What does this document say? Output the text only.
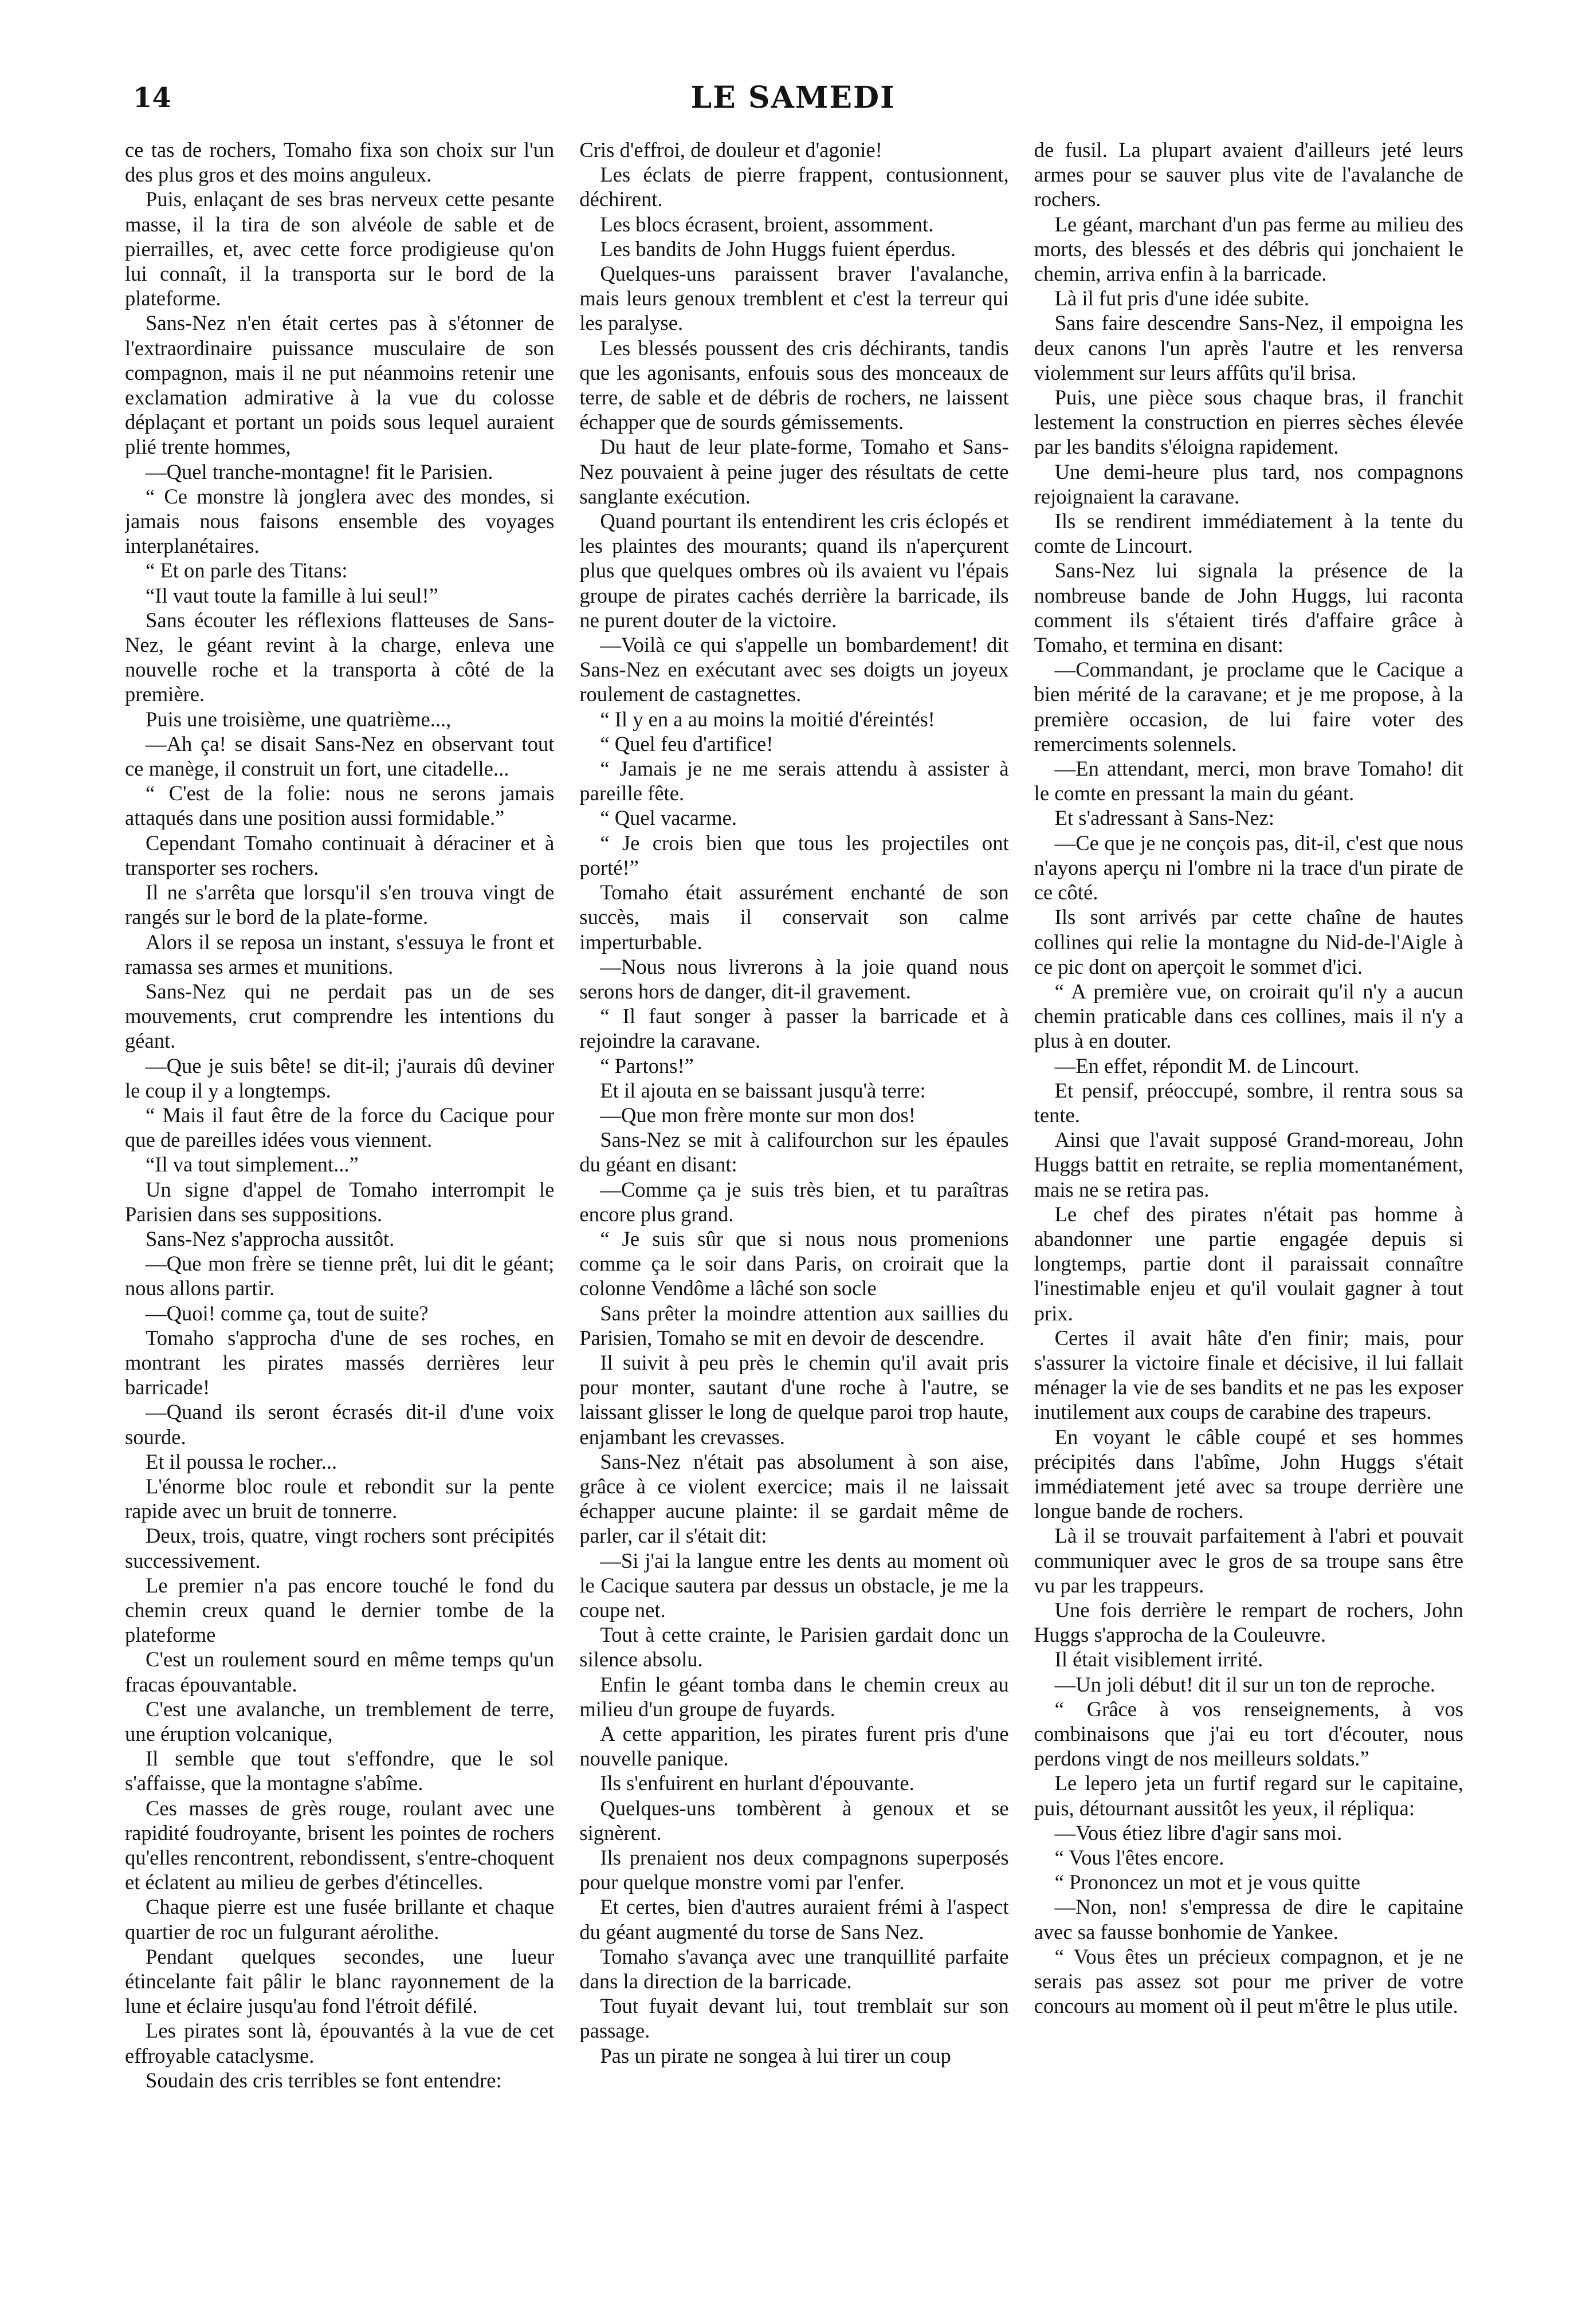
14	LE SAMEDI

ce tas de rochers, Tomaho fixa son choix sur l'un des plus gros et des moins anguleux.

Puis, enlaçant de ses bras nerveux cette pesante masse, il la tira de son alvéole de sable et de pierrailles, et, avec cette force prodigieuse qu'on lui connaît, il la transporta sur le bord de la plateforme.

Sans-Nez n'en était certes pas à s'étonner de l'extraordinaire puissance musculaire de son compagnon, mais il ne put néanmoins retenir une exclamation admirative à la vue du colosse déplaçant et portant un poids sous lequel auraient plié trente hommes,

—Quel tranche-montagne! fit le Parisien.

“ Ce monstre là jonglera avec des mondes, si jamais nous faisons ensemble des voyages interplanétaires.

“ Et on parle des Titans:

“Il vaut toute la famille à lui seul!”

Sans écouter les réflexions flatteuses de Sans-Nez, le géant revint à la charge, enleva une nouvelle roche et la transporta à côté de la première.

Puis une troisième, une quatrième...,

—Ah ça! se disait Sans-Nez en observant tout ce manège, il construit un fort, une citadelle...

“ C'est de la folie: nous ne serons jamais attaqués dans une position aussi formidable.”

Cependant Tomaho continuait à déraciner et à transporter ses rochers.

Il ne s'arrêta que lorsqu'il s'en trouva vingt de rangés sur le bord de la plate-forme.

Alors il se reposa un instant, s'essuya le front et ramassa ses armes et munitions.

Sans-Nez qui ne perdait pas un de ses mouvements, crut comprendre les intentions du géant.

—Que je suis bête! se dit-il; j'aurais dû deviner le coup il y a longtemps.

“ Mais il faut être de la force du Cacique pour que de pareilles idées vous viennent.

“Il va tout simplement...”

Un signe d'appel de Tomaho interrompit le Parisien dans ses suppositions.

Sans-Nez s'approcha aussitôt.

—Que mon frère se tienne prêt, lui dit le géant; nous allons partir.

—Quoi! comme ça, tout de suite?

Tomaho s'approcha d'une de ses roches, en montrant les pirates massés derrières leur barricade!

—Quand ils seront écrasés dit-il d'une voix sourde.

Et il poussa le rocher...

L'énorme bloc roule et rebondit sur la pente rapide avec un bruit de tonnerre.

Deux, trois, quatre, vingt rochers sont précipités successivement.

Le premier n'a pas encore touché le fond du chemin creux quand le dernier tombe de la plateforme

C'est un roulement sourd en même temps qu'un fracas épouvantable.

C'est une avalanche, un tremblement de terre, une éruption volcanique,

Il semble que tout s'effondre, que le sol s'affaisse, que la montagne s'abîme.

Ces masses de grès rouge, roulant avec une rapidité foudroyante, brisent les pointes de rochers qu'elles rencontrent, rebondissent, s'entre-choquent et éclatent au milieu de gerbes d'étincelles.

Chaque pierre est une fusée brillante et chaque quartier de roc un fulgurant aérolithe.

Pendant quelques secondes, une lueur étincelante fait pâlir le blanc rayonnement de la lune et éclaire jusqu'au fond l'étroit défilé.

Les pirates sont là, épouvantés à la vue de cet effroyable cataclysme.

Soudain des cris terribles se font entendre:

Cris d'effroi, de douleur et d'agonie!

Les éclats de pierre frappent, contusionnent, déchirent.

Les blocs écrasent, broient, assomment.

Les bandits de John Huggs fuient éperdus.

Quelques-uns paraissent braver l'avalanche, mais leurs genoux tremblent et c'est la terreur qui les paralyse.

Les blessés poussent des cris déchirants, tandis que les agonisants, enfouis sous des monceaux de terre, de sable et de débris de rochers, ne laissent échapper que de sourds gémissements.

Du haut de leur plate-forme, Tomaho et Sans-Nez pouvaient à peine juger des résultats de cette sanglante exécution.

Quand pourtant ils entendirent les cris éclopés et les plaintes des mourants; quand ils n'aperçurent plus que quelques ombres où ils avaient vu l'épais groupe de pirates cachés derrière la barricade, ils ne purent douter de la victoire.

—Voilà ce qui s'appelle un bombardement! dit Sans-Nez en exécutant avec ses doigts un joyeux roulement de castagnettes.

“ Il y en a au moins la moitié d'éreintés!

“ Quel feu d'artifice!

“ Jamais je ne me serais attendu à assister à pareille fête.

“ Quel vacarme.

“ Je crois bien que tous les projectiles ont porté!”

Tomaho était assurément enchanté de son succès, mais il conservait son calme imperturbable.

—Nous nous livrerons à la joie quand nous serons hors de danger, dit-il gravement.

“ Il faut songer à passer la barricade et à rejoindre la caravane.

“ Partons!”

Et il ajouta en se baissant jusqu'à terre:

—Que mon frère monte sur mon dos!

Sans-Nez se mit à califourchon sur les épaules du géant en disant:

—Comme ça je suis très bien, et tu paraîtras encore plus grand.

“ Je suis sûr que si nous nous promenions comme ça le soir dans Paris, on croirait que la colonne Vendôme a lâché son socle

Sans prêter la moindre attention aux saillies du Parisien, Tomaho se mit en devoir de descendre.

Il suivit à peu près le chemin qu'il avait pris pour monter, sautant d'une roche à l'autre, se laissant glisser le long de quelque paroi trop haute, enjambant les crevasses.

Sans-Nez n'était pas absolument à son aise, grâce à ce violent exercice; mais il ne laissait échapper aucune plainte: il se gardait même de parler, car il s'était dit:

—Si j'ai la langue entre les dents au moment où le Cacique sautera par dessus un obstacle, je me la coupe net.

Tout à cette crainte, le Parisien gardait donc un silence absolu.

Enfin le géant tomba dans le chemin creux au milieu d'un groupe de fuyards.

A cette apparition, les pirates furent pris d'une nouvelle panique.

Ils s'enfuirent en hurlant d'épouvante.

Quelques-uns tombèrent à genoux et se signèrent.

Ils prenaient nos deux compagnons superposés pour quelque monstre vomi par l'enfer.

Et certes, bien d'autres auraient frémi à l'aspect du géant augmenté du torse de Sans Nez.

Tomaho s'avança avec une tranquillité parfaite dans la direction de la barricade.

Tout fuyait devant lui, tout tremblait sur son passage.

Pas un pirate ne songea à lui tirer un coup

de fusil. La plupart avaient d'ailleurs jeté leurs armes pour se sauver plus vite de l'avalanche de rochers.

Le géant, marchant d'un pas ferme au milieu des morts, des blessés et des débris qui jonchaient le chemin, arriva enfin à la barricade.

Là il fut pris d'une idée subite.

Sans faire descendre Sans-Nez, il empoigna les deux canons l'un après l'autre et les renversa violemment sur leurs affûts qu'il brisa.

Puis, une pièce sous chaque bras, il franchit lestement la construction en pierres sèches élevée par les bandits s'éloigna rapidement.

Une demi-heure plus tard, nos compagnons rejoignaient la caravane.

Ils se rendirent immédiatement à la tente du comte de Lincourt.

Sans-Nez lui signala la présence de la nombreuse bande de John Huggs, lui raconta comment ils s'étaient tirés d'affaire grâce à Tomaho, et termina en disant:

—Commandant, je proclame que le Cacique a bien mérité de la caravane; et je me propose, à la première occasion, de lui faire voter des remerciments solennels.

—En attendant, merci, mon brave Tomaho! dit le comte en pressant la main du géant.

Et s'adressant à Sans-Nez:

—Ce que je ne conçois pas, dit-il, c'est que nous n'ayons aperçu ni l'ombre ni la trace d'un pirate de ce côté.

Ils sont arrivés par cette chaîne de hautes collines qui relie la montagne du Nid-de-l'Aigle à ce pic dont on aperçoit le sommet d'ici.

“ A première vue, on croirait qu'il n'y a aucun chemin praticable dans ces collines, mais il n'y a plus à en douter.

—En effet, répondit M. de Lincourt.

Et pensif, préoccupé, sombre, il rentra sous sa tente.

Ainsi que l'avait supposé Grand-moreau, John Huggs battit en retraite, se replia momentanément, mais ne se retira pas.

Le chef des pirates n'était pas homme à abandonner une partie engagée depuis si longtemps, partie dont il paraissait connaître l'inestimable enjeu et qu'il voulait gagner à tout prix.

Certes il avait hâte d'en finir; mais, pour s'assurer la victoire finale et décisive, il lui fallait ménager la vie de ses bandits et ne pas les exposer inutilement aux coups de carabine des trapeurs.

En voyant le câble coupé et ses hommes précipités dans l'abîme, John Huggs s'était immédiatement jeté avec sa troupe derrière une longue bande de rochers.

Là il se trouvait parfaitement à l'abri et pouvait communiquer avec le gros de sa troupe sans être vu par les trappeurs.

Une fois derrière le rempart de rochers, John Huggs s'approcha de la Couleuvre.

Il était visiblement irrité.

—Un joli début! dit il sur un ton de reproche.

“ Grâce à vos renseignements, à vos combinaisons que j'ai eu tort d'écouter, nous perdons vingt de nos meilleurs soldats.”

Le lepero jeta un furtif regard sur le capitaine, puis, détournant aussitôt les yeux, il répliqua:

—Vous étiez libre d'agir sans moi.

“ Vous l'êtes encore.

“ Prononcez un mot et je vous quitte

—Non, non! s'empressa de dire le capitaine avec sa fausse bonhomie de Yankee.

“ Vous êtes un précieux compagnon, et je ne serais pas assez sot pour me priver de votre concours au moment où il peut m'être le plus utile.
